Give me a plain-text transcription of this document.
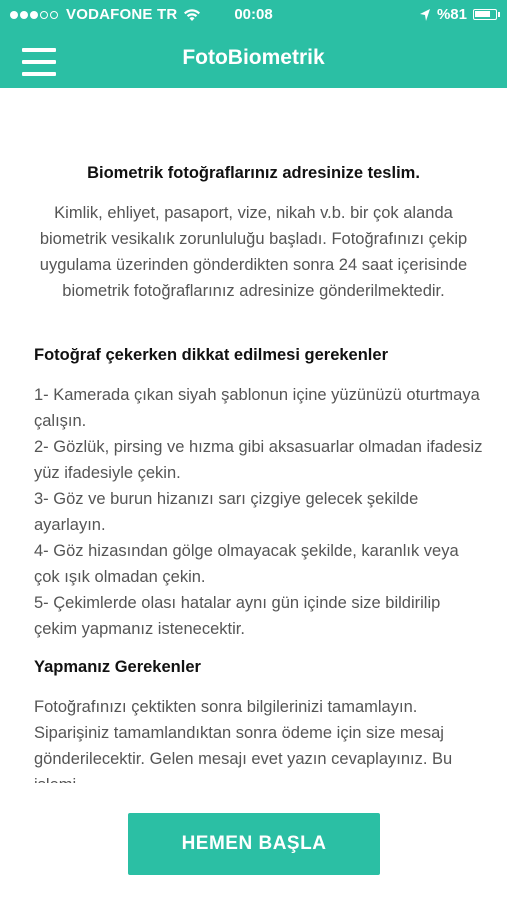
VODAFONE TR	00:08	%81
FotoBiometrik
Biometrik fotoğraflarınız adresinize teslim.
Kimlik, ehliyet, pasaport, vize, nikah v.b. bir çok alanda biometrik vesikalık zorunluluğu başladı. Fotoğrafınızı çekip uygulama üzerinden gönderdikten sonra 24 saat içerisinde biometrik fotoğraflarınız adresinize gönderilmektedir.
Fotoğraf çekerken dikkat edilmesi gerekenler
1- Kamerada çıkan siyah şablonun içine yüzünüzü oturtmaya çalışın.
2- Gözlük, pirsing ve hızma gibi aksasuarlar olmadan ifadesiz yüz ifadesiyle çekin.
3- Göz ve burun hizanızı sarı çizgiye gelecek şekilde ayarlayın.
4- Göz hizasından gölge olmayacak şekilde, karanlık veya çok ışık olmadan çekin.
5- Çekimlerde olası hatalar aynı gün içinde size bildirilip çekim yapmanız istenecektir.
Yapmanız Gerekenler
Fotoğrafınızı çektikten sonra bilgilerinizi tamamlayın. Siparişiniz tamamlandıktan sonra ödeme için size mesaj gönderilecektir. Gelen mesajı evet yazın cevaplayınız. Bu
HEMEN BAŞLA
